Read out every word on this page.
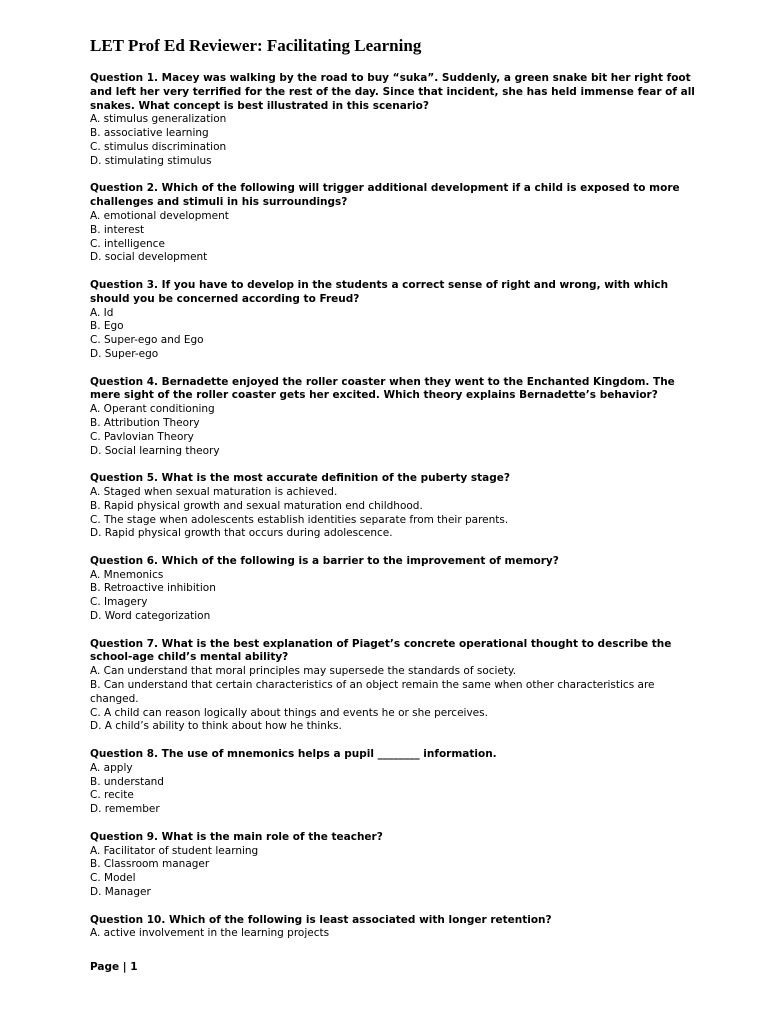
LET Prof Ed Reviewer: Facilitating Learning

Question 1. Macey was walking by the road to buy “suka”. Suddenly, a green snake bit her right foot and left her very terrified for the rest of the day. Since that incident, she has held immense fear of all snakes. What concept is best illustrated in this scenario?

A. stimulus generalization
B. associative learning
C. stimulus discrimination
D. stimulating stimulus

Question 2. Which of the following will trigger additional development if a child is exposed to more challenges and stimuli in his surroundings?

A. emotional development
B. interest
C. intelligence
D. social development

Question 3. If you have to develop in the students a correct sense of right and wrong, with which should you be concerned according to Freud?

A. Id
B. Ego
C. Super-ego and Ego
D. Super-ego

Question 4. Bernadette enjoyed the roller coaster when they went to the Enchanted Kingdom. The mere sight of the roller coaster gets her excited. Which theory explains Bernadette’s behavior?

A. Operant conditioning
B. Attribution Theory
C. Pavlovian Theory
D. Social learning theory

Question 5. What is the most accurate definition of the puberty stage?

A. Staged when sexual maturation is achieved.
B. Rapid physical growth and sexual maturation end childhood.
C. The stage when adolescents establish identities separate from their parents.
D. Rapid physical growth that occurs during adolescence.

Question 6. Which of the following is a barrier to the improvement of memory?

A. Mnemonics
B. Retroactive inhibition
C. Imagery
D. Word categorization

Question 7. What is the best explanation of Piaget’s concrete operational thought to describe the school-age child’s mental ability?

A. Can understand that moral principles may supersede the standards of society.
B. Can understand that certain characteristics of an object remain the same when other characteristics are changed.
C. A child can reason logically about things and events he or she perceives.
D. A child’s ability to think about how he thinks.

Question 8. The use of mnemonics helps a pupil ________ information.

A. apply
B. understand
C. recite
D. remember

Question 9. What is the main role of the teacher?

A. Facilitator of student learning
B. Classroom manager
C. Model
D. Manager

Question 10. Which of the following is least associated with longer retention?

A. active involvement in the learning projects
Page | 1
